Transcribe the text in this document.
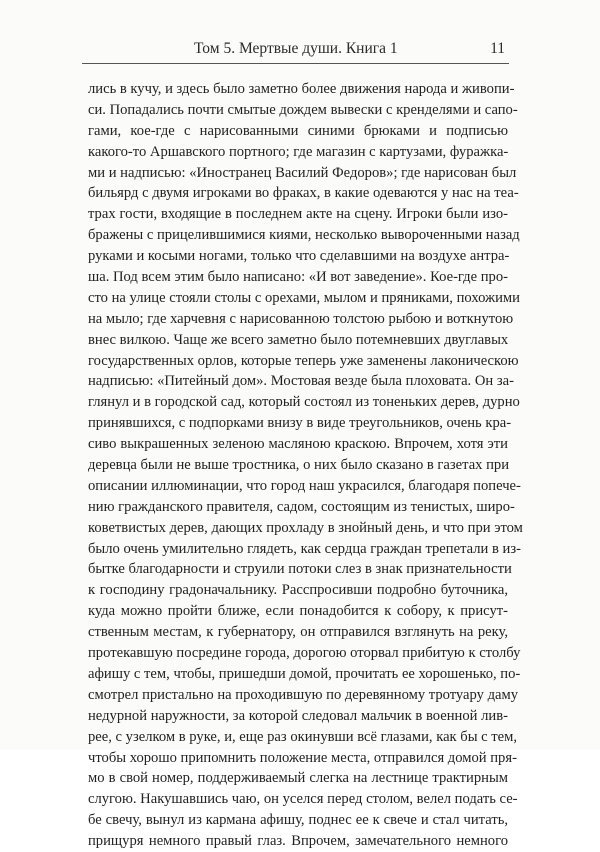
Том 5. Мертвые души. Книга 1	11
лись в кучу, и здесь было заметно более движения народа и живопи-
си. Попадались почти смытые дождем вывески с кренделями и сапо-
гами, кое-где с нарисованными синими брюками и подписью
какого-то Аршавского портного; где магазин с картузами, фуражка-
ми и надписью: «Иностранец Василий Федоров»; где нарисован был
бильярд с двумя игроками во фраках, в какие одеваются у нас на теа-
трах гости, входящие в последнем акте на сцену. Игроки были изо-
бражены с прицелившимися киями, несколько вывороченными назад
руками и косыми ногами, только что сделавшими на воздухе антра-
ша. Под всем этим было написано: «И вот заведение». Кое-где про-
сто на улице стояли столы с орехами, мылом и пряниками, похожими
на мыло; где харчевня с нарисованною толстою рыбою и воткнутою
внес вилкою. Чаще же всего заметно было потемневших двуглавых
государственных орлов, которые теперь уже заменены лаконическою
надписью: «Питейный дом». Мостовая везде была плоховата. Он за-
глянул и в городской сад, который состоял из тоненьких дерев, дурно
принявшихся, с подпорками внизу в виде треугольников, очень кра-
сиво выкрашенных зеленою масляною краскою. Впрочем, хотя эти
деревца были не выше тростника, о них было сказано в газетах при
описании иллюминации, что город наш украсился, благодаря попече-
нию гражданского правителя, садом, состоящим из тенистых, широ-
коветвистых дерев, дающих прохладу в знойный день, и что при этом
было очень умилительно глядеть, как сердца граждан трепетали в из-
бытке благодарности и струили потоки слез в знак признательности
к господину градоначальнику. Расспросивши подробно буточника,
куда можно пройти ближе, если понадобится к собору, к присут-
ственным местам, к губернатору, он отправился взглянуть на реку,
протекавшую посредине города, дорогою оторвал прибитую к столбу
афишу с тем, чтобы, пришедши домой, прочитать ее хорошенько, по-
смотрел пристально на проходившую по деревянному тротуару даму
недурной наружности, за которой следовал мальчик в военной лив-
рее, с узелком в руке, и, еще раз окинувши всё глазами, как бы с тем,
чтобы хорошо припомнить положение места, отправился домой пря-
мо в свой номер, поддерживаемый слегка на лестнице трактирным
слугою. Накушавшись чаю, он уселся перед столом, велел подать се-
бе свечу, вынул из кармана афишу, поднес ее к свече и стал читать,
прищуря немного правый глаз. Впрочем, замечательного немного
